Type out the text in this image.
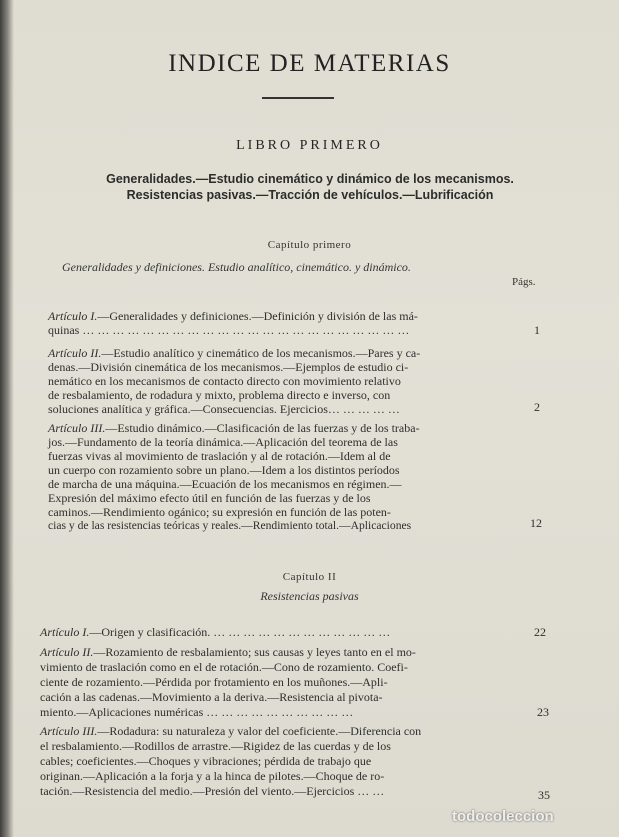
INDICE DE MATERIAS
LIBRO PRIMERO
Generalidades.—Estudio cinemático y dinámico de los mecanismos.
Resistencias pasivas.—Tracción de vehículos.—Lubrificación
Capítulo primero
Generalidades y definiciones. Estudio analítico, cinemático. y dinámico.
Págs.
Artículo I.—Generalidades y definiciones.—Definición y división de las má-
quinas … … … … … … … … … … … … … … … … … … … … … …	1
Artículo II.—Estudio analítico y cinemático de los mecanismos.—Pares y ca-
denas.—División cinemática de los mecanismos.—Ejemplos de estudio ci-
nemático en los mecanismos de contacto directo con movimiento relativo
de resbalamiento, de rodadura y mixto, problema directo e inverso, con
soluciones analítica y gráfica.—Consecuencias. Ejercicios… … … … …	2
Artículo III.—Estudio dinámico.—Clasificación de las fuerzas y de los traba-
jos.—Fundamento de la teoría dinámica.—Aplicación del teorema de las
fuerzas vivas al movimiento de traslación y al de rotación.—Idem al de
un cuerpo con rozamiento sobre un plano.—Idem a los distintos períodos
de marcha de una máquina.—Ecuación de los mecanismos en régimen.—
Expresión del máximo efecto útil en función de las fuerzas y de los
caminos.—Rendimiento ogánico; su expresión en función de las poten-
cias y de las resistencias teóricas y reales.—Rendimiento total.—Aplicaciones	12
Capítulo II
Resistencias pasivas
Artículo I.—Origen y clasificación. … … … … … … … … … … … …	22
Artículo II.—Rozamiento de resbalamiento; sus causas y leyes tanto en el mo-
vimiento de traslación como en el de rotación.—Cono de rozamiento. Coefi-
ciente de rozamiento.—Pérdida por frotamiento en los muñones.—Apli-
cación a las cadenas.—Movimiento a la deriva.—Resistencia al pivota-
miento.—Aplicaciones numéricas … … … … … … … … … …	23
Artículo III.—Rodadura: su naturaleza y valor del coeficiente.—Diferencia con
el resbalamiento.—Rodillos de arrastre.—Rigidez de las cuerdas y de los
cables; coeficientes.—Choques y vibraciones; pérdida de trabajo que
originan.—Aplicación a la forja y a la hinca de pilotes.—Choque de ro-
tación.—Resistencia del medio.—Presión del viento.—Ejercicios … …	35
todocoleccion
